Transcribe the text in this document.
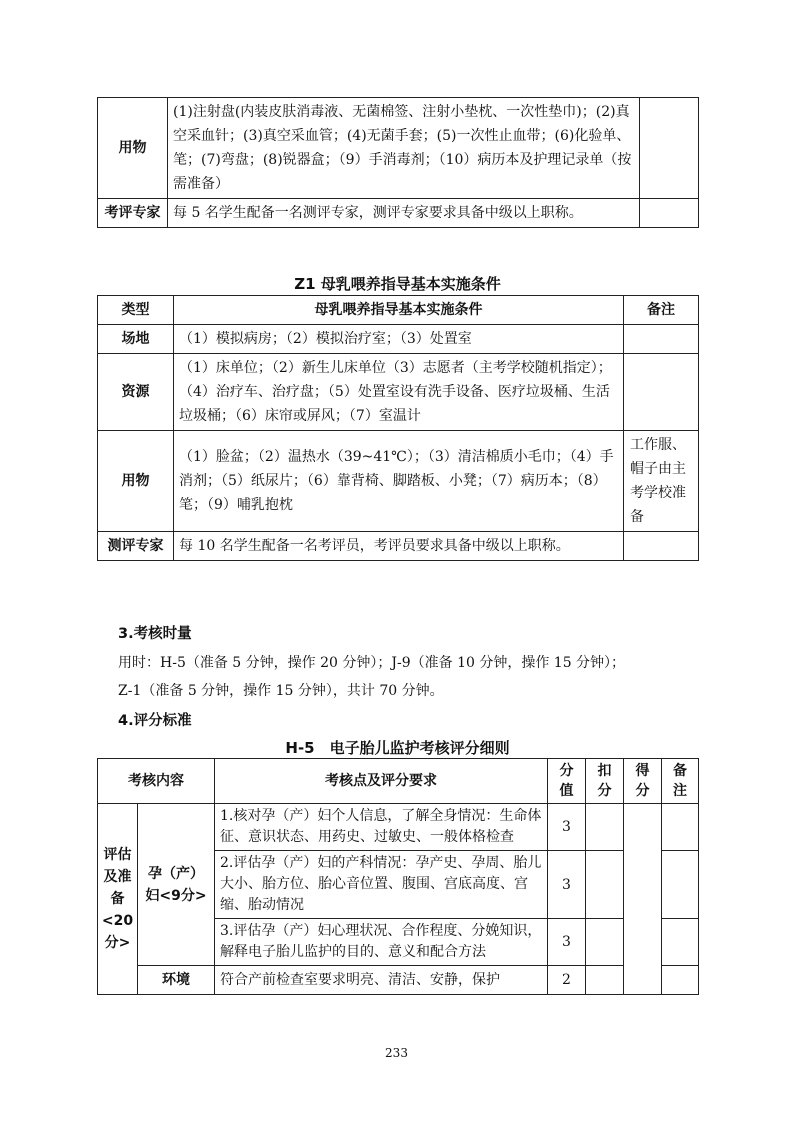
用物	(1)注射盘(内装皮肤消毒液、无菌棉签、注射小垫枕、一次性垫巾)；(2)真空采血针；(3)真空采血管；(4)无菌手套；(5)一次性止血带；(6)化验单、笔；(7)弯盘；(8)锐器盒；（9）手消毒剂；（10）病历本及护理记录单（按需准备）	
考评专家	每 5 名学生配备一名测评专家，测评专家要求具备中级以上职称。	
Z1 母乳喂养指导基本实施条件
类型	母乳喂养指导基本实施条件	备注
场地	（1）模拟病房；（2）模拟治疗室；（3）处置室	
资源	（1）床单位；（2）新生儿床单位（3）志愿者（主考学校随机指定）；（4）治疗车、治疗盘；（5）处置室设有洗手设备、医疗垃圾桶、生活垃圾桶；（6）床帘或屏风；（7）室温计	
用物	（1）脸盆；（2）温热水（39~41℃）；（3）清洁棉质小毛巾；（4）手消剂；（5）纸尿片；（6）靠背椅、脚踏板、小凳；（7）病历本；（8）笔；（9）哺乳抱枕	工作服、帽子由主考学校准备
测评专家	每 10 名学生配备一名考评员，考评员要求具备中级以上职称。	
3.考核时量
用时：H-5（准备 5 分钟，操作 20 分钟）；J-9（准备 10 分钟，操作 15 分钟）；
Z-1（准备 5 分钟，操作 15 分钟），共计 70 分钟。
4.评分标准
H-5　电子胎儿监护考核评分细则
考核内容		考核点及评分要求	分值	扣分	得分	备注
评估及准备<20分>	孕（产）妇<9分>	1.核对孕（产）妇个人信息，了解全身情况：生命体征、意识状态、用药史、过敏史、一般体格检查	3			
		2.评估孕（产）妇的产科情况：孕产史、孕周、胎儿大小、胎方位、胎心音位置、腹围、宫底高度、宫缩、胎动情况	3			
		3.评估孕（产）妇心理状况、合作程度、分娩知识，解释电子胎儿监护的目的、意义和配合方法	3			
	环境	符合产前检查室要求明亮、清洁、安静，保护	2			
233
